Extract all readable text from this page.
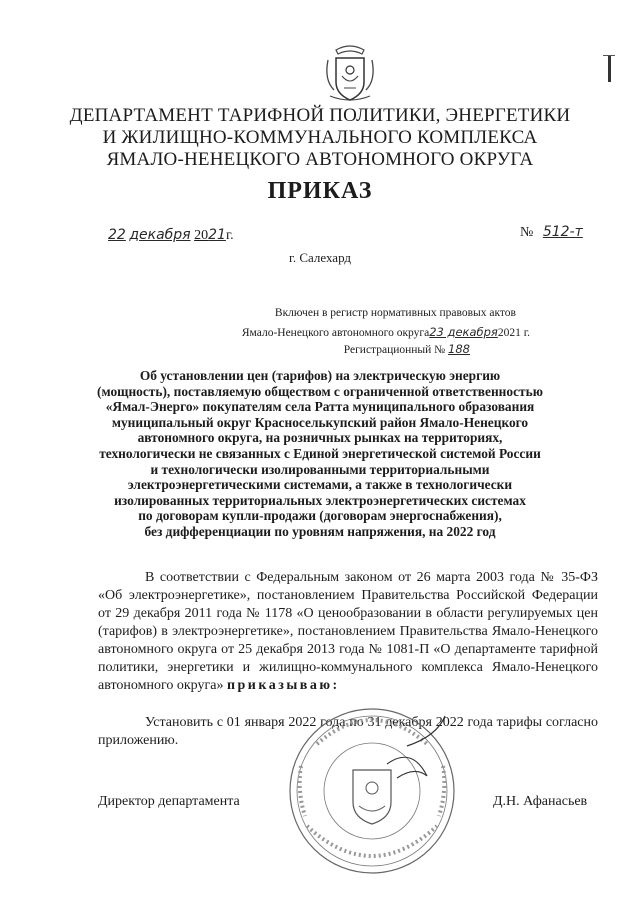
ДЕПАРТАМЕНТ ТАРИФНОЙ ПОЛИТИКИ, ЭНЕРГЕТИКИ
И ЖИЛИЩНО-КОММУНАЛЬНОГО КОМПЛЕКСА
ЯМАЛО-НЕНЕЦКОГО АВТОНОМНОГО ОКРУГА
ПРИКАЗ
22 декабря 2021г.	№ 512-т
г. Салехард
Включен в регистр нормативных правовых актов
Ямало-Ненецкого автономного округа23 декабря2021 г.
Регистрационный № 188
Об установлении цен (тарифов) на электрическую энергию
(мощность), поставляемую обществом с ограниченной ответственностью
«Ямал-Энерго» покупателям села Ратта муниципального образования
муниципальный округ Красноселькупский район Ямало-Ненецкого
автономного округа, на розничных рынках на территориях,
технологически не связанных с Единой энергетической системой России
и технологически изолированными территориальными
электроэнергетическими системами, а также в технологически
изолированных территориальных электроэнергетических системах
по договорам купли-продажи (договорам энергоснабжения),
без дифференциации по уровням напряжения, на 2022 год
В соответствии с Федеральным законом от 26 марта 2003 года № 35-ФЗ «Об электроэнергетике», постановлением Правительства Российской Федерации от 29 декабря 2011 года № 1178 «О ценообразовании в области регулируемых цен (тарифов) в электроэнергетике», постановлением Правительства Ямало-Ненецкого автономного округа от 25 декабря 2013 года № 1081-П «О департаменте тарифной политики, энергетики и жилищно-коммунального комплекса Ямало-Ненецкого автономного округа» приказываю:
Установить с 01 января 2022 года по 31 декабря 2022 года тарифы согласно приложению.
Директор департамента	Д.Н. Афанасьев
